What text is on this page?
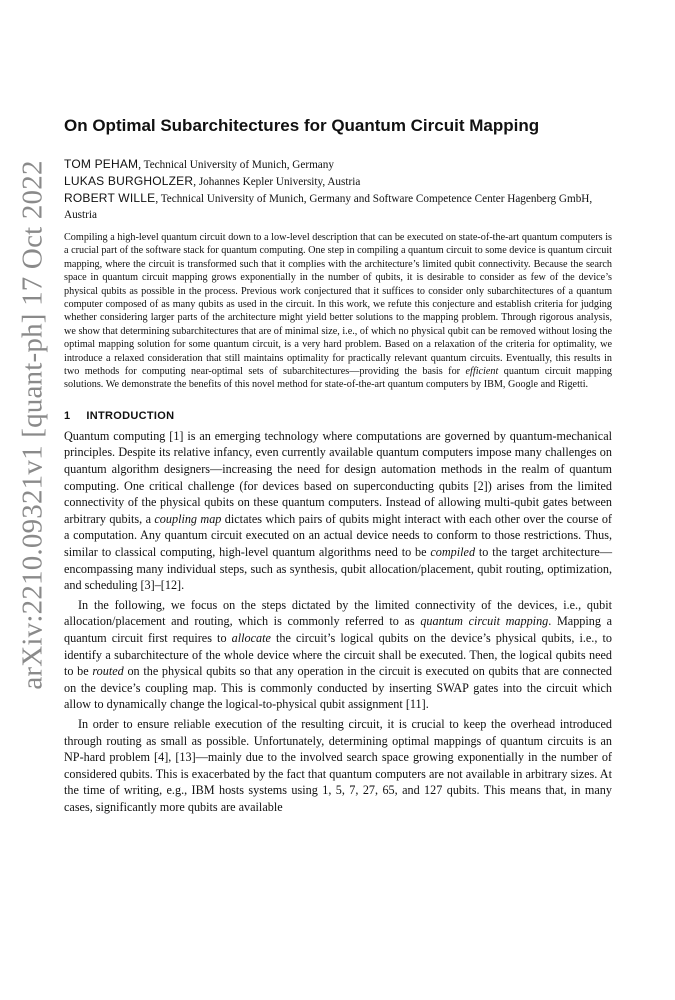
arXiv:2210.09321v1 [quant-ph] 17 Oct 2022
On Optimal Subarchitectures for Quantum Circuit Mapping
TOM PEHAM, Technical University of Munich, Germany
LUKAS BURGHOLZER, Johannes Kepler University, Austria
ROBERT WILLE, Technical University of Munich, Germany and Software Competence Center Hagenberg GmbH, Austria

Compiling a high-level quantum circuit down to a low-level description that can be executed on state-of-the-art quantum computers is a crucial part of the software stack for quantum computing. One step in compiling a quantum circuit to some device is quantum circuit mapping, where the circuit is transformed such that it complies with the architecture’s limited qubit connectivity. Because the search space in quantum circuit mapping grows exponentially in the number of qubits, it is desirable to consider as few of the device’s physical qubits as possible in the process. Previous work conjectured that it suffices to consider only subarchitectures of a quantum computer composed of as many qubits as used in the circuit. In this work, we refute this conjecture and establish criteria for judging whether considering larger parts of the architecture might yield better solutions to the mapping problem. Through rigorous analysis, we show that determining subarchitectures that are of minimal size, i.e., of which no physical qubit can be removed without losing the optimal mapping solution for some quantum circuit, is a very hard problem. Based on a relaxation of the criteria for optimality, we introduce a relaxed consideration that still maintains optimality for practically relevant quantum circuits. Eventually, this results in two methods for computing near-optimal sets of subarchitectures—providing the basis for efficient quantum circuit mapping solutions. We demonstrate the benefits of this novel method for state-of-the-art quantum computers by IBM, Google and Rigetti.

1 INTRODUCTION

Quantum computing [1] is an emerging technology where computations are governed by quantum-mechanical principles. Despite its relative infancy, even currently available quantum computers impose many challenges on quantum algorithm designers—increasing the need for design automation methods in the realm of quantum computing. One critical challenge (for devices based on superconducting qubits [2]) arises from the limited connectivity of the physical qubits on these quantum computers. Instead of allowing multi-qubit gates between arbitrary qubits, a coupling map dictates which pairs of qubits might interact with each other over the course of a computation. Any quantum circuit executed on an actual device needs to conform to those restrictions. Thus, similar to classical computing, high-level quantum algorithms need to be compiled to the target architecture—encompassing many individual steps, such as synthesis, qubit allocation/placement, qubit routing, optimization, and scheduling [3]–[12].

In the following, we focus on the steps dictated by the limited connectivity of the devices, i.e., qubit allocation/placement and routing, which is commonly referred to as quantum circuit mapping. Mapping a quantum circuit first requires to allocate the circuit’s logical qubits on the device’s physical qubits, i.e., to identify a subarchitecture of the whole device where the circuit shall be executed. Then, the logical qubits need to be routed on the physical qubits so that any operation in the circuit is executed on qubits that are connected on the device’s coupling map. This is commonly conducted by inserting SWAP gates into the circuit which allow to dynamically change the logical-to-physical qubit assignment [11].

In order to ensure reliable execution of the resulting circuit, it is crucial to keep the overhead introduced through routing as small as possible. Unfortunately, determining optimal mappings of quantum circuits is an NP-hard problem [4], [13]—mainly due to the involved search space growing exponentially in the number of considered qubits. This is exacerbated by the fact that quantum computers are not available in arbitrary sizes. At the time of writing, e.g., IBM hosts systems using 1, 5, 7, 27, 65, and 127 qubits. This means that, in many cases, significantly more qubits are available
